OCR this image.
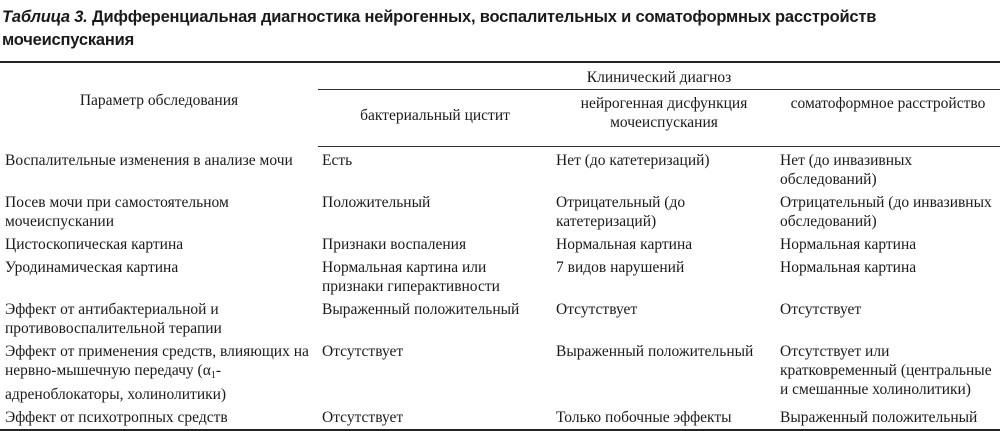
Таблица 3. Дифференциальная диагностика нейрогенных, воспалительных и соматоформных расстройств мочеиспускания
Параметр обследования	Клинический диагноз		
	бактериальный цистит	нейрогенная дисфункция мочеиспускания	соматоформное расстройство
Воспалительные изменения в анализе мочи	Есть	Нет (до катетеризаций)	Нет (до инвазивных обследований)
Посев мочи при самостоятельном мочеиспускании	Положительный	Отрицательный (до катетеризаций)	Отрицательный (до инвазивных обследований)
Цистоскопическая картина	Признаки воспаления	Нормальная картина	Нормальная картина
Уродинамическая картина	Нормальная картина или признаки гиперактивности	7 видов нарушений	Нормальная картина
Эффект от антибактериальной и противовоспалительной терапии	Выраженный положительный	Отсутствует	Отсутствует
Эффект от применения средств, влияющих на нервно-мышечную передачу ($\alpha_1$-адреноблокаторы, холинолитики)	Отсутствует	Выраженный положительный	Отсутствует или кратковременный (центральные и смешанные холинолитики)
Эффект от психотропных средств	Отсутствует	Только побочные эффекты	Выраженный положительный
